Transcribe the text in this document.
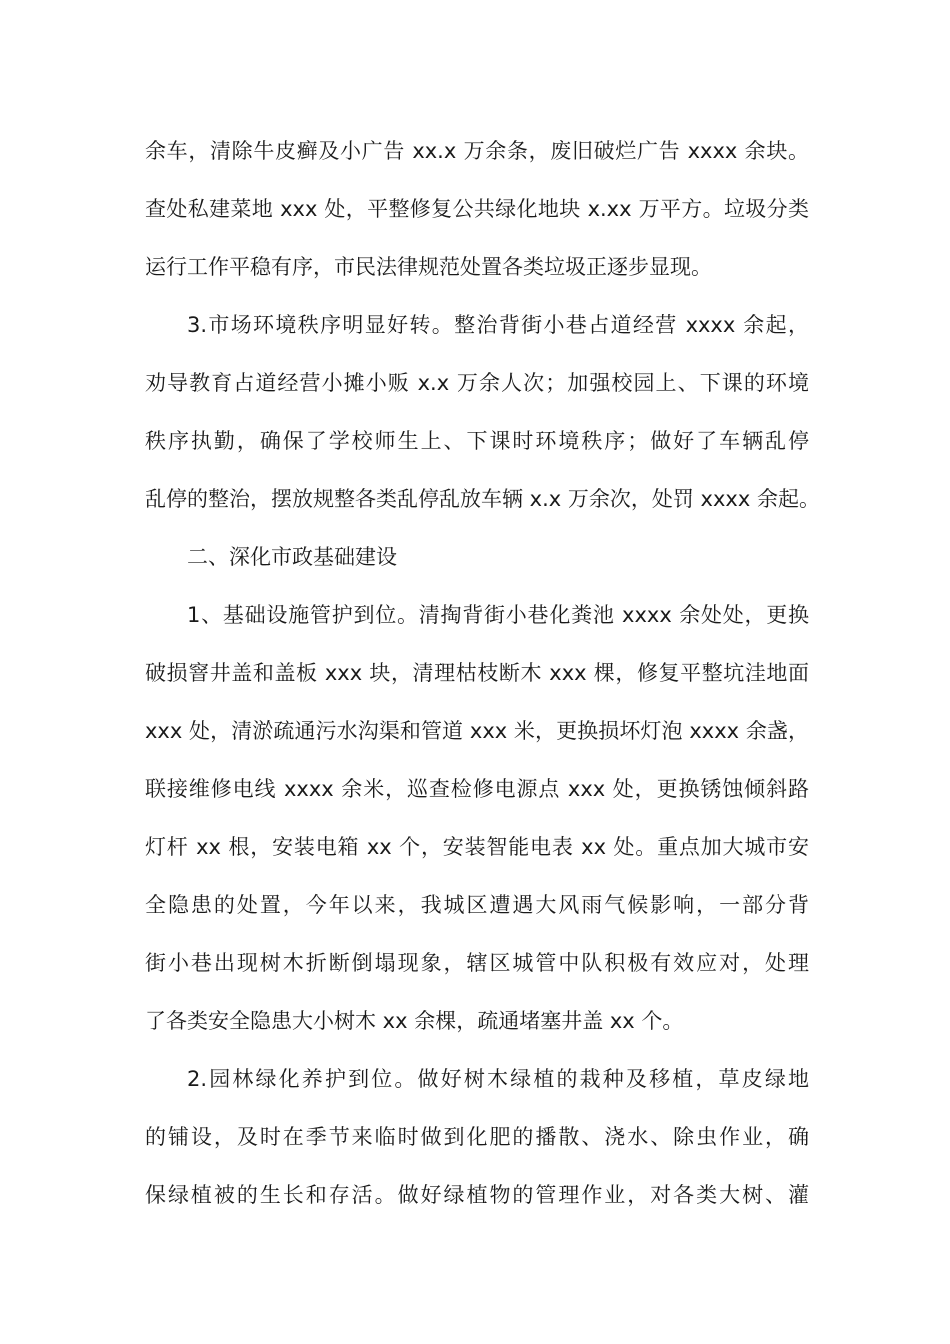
余车，清除牛皮癣及小广告 xx.x 万余条，废旧破烂广告 xxxx 余块。
查处私建菜地 xxx 处，平整修复公共绿化地块 x.xx 万平方。垃圾分类
运行工作平稳有序，市民法律规范处置各类垃圾正逐步显现。
3.市场环境秩序明显好转。整治背街小巷占道经营 xxxx 余起，
劝导教育占道经营小摊小贩 x.x 万余人次；加强校园上、下课的环境
秩序执勤，确保了学校师生上、下课时环境秩序；做好了车辆乱停
乱停的整治，摆放规整各类乱停乱放车辆 x.x 万余次，处罚 xxxx 余起。
二、深化市政基础建设
1、基础设施管护到位。清掏背街小巷化粪池 xxxx 余处处，更换
破损窨井盖和盖板 xxx 块，清理枯枝断木 xxx 棵，修复平整坑洼地面
xxx 处，清淤疏通污水沟渠和管道 xxx 米，更换损坏灯泡 xxxx 余盏，
联接维修电线 xxxx 余米，巡查检修电源点 xxx 处，更换锈蚀倾斜路
灯杆 xx 根，安装电箱 xx 个，安装智能电表 xx 处。重点加大城市安
全隐患的处置，今年以来，我城区遭遇大风雨气候影响，一部分背
街小巷出现树木折断倒塌现象，辖区城管中队积极有效应对，处理
了各类安全隐患大小树木 xx 余棵，疏通堵塞井盖 xx 个。
2.园林绿化养护到位。做好树木绿植的栽种及移植，草皮绿地
的铺设，及时在季节来临时做到化肥的播散、浇水、除虫作业，确
保绿植被的生长和存活。做好绿植物的管理作业，对各类大树、灌
